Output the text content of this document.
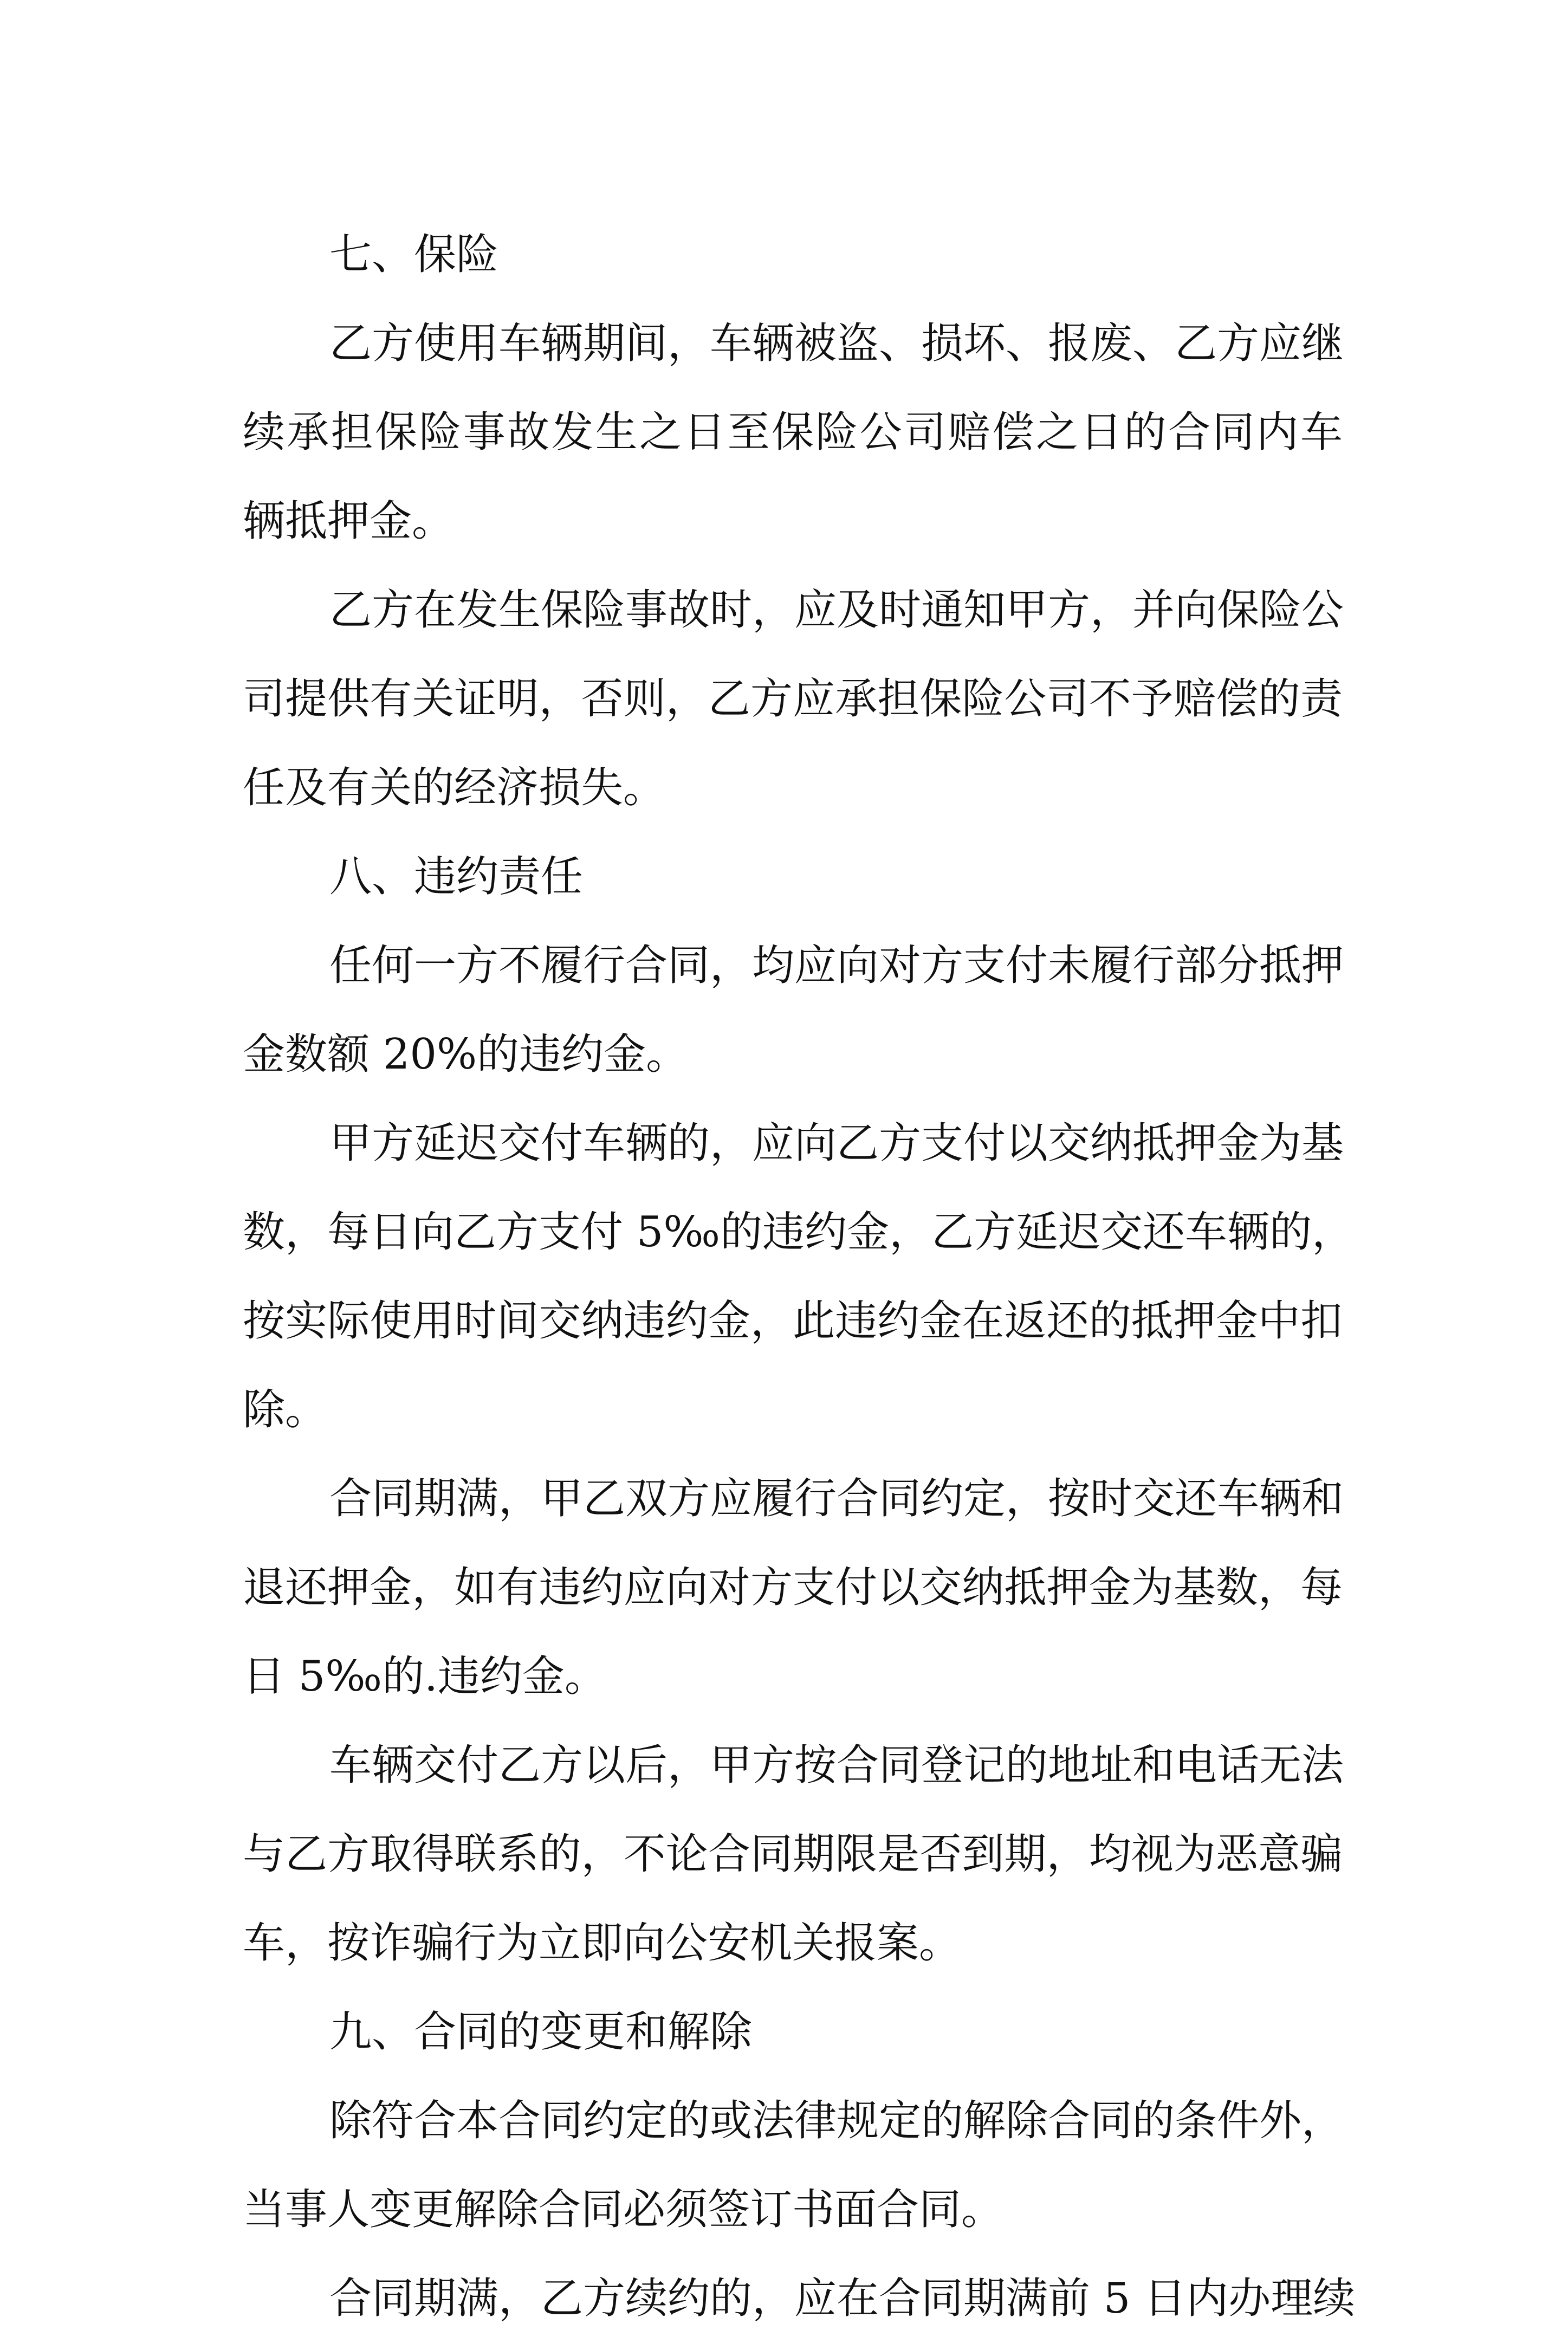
七、保险
乙方使用车辆期间，车辆被盗、损坏、报废、乙方应继
续承担保险事故发生之日至保险公司赔偿之日的合同内车
辆抵押金。
乙方在发生保险事故时，应及时通知甲方，并向保险公
司提供有关证明，否则，乙方应承担保险公司不予赔偿的责
任及有关的经济损失。
八、违约责任
任何一方不履行合同，均应向对方支付未履行部分抵押
金数额 20%的违约金。
甲方延迟交付车辆的，应向乙方支付以交纳抵押金为基
数，每日向乙方支付 5‰的违约金，乙方延迟交还车辆的，
按实际使用时间交纳违约金，此违约金在返还的抵押金中扣
除。
合同期满，甲乙双方应履行合同约定，按时交还车辆和
退还押金，如有违约应向对方支付以交纳抵押金为基数，每
日 5‰的.违约金。
车辆交付乙方以后，甲方按合同登记的地址和电话无法
与乙方取得联系的，不论合同期限是否到期，均视为恶意骗
车，按诈骗行为立即向公安机关报案。
九、合同的变更和解除
除符合本合同约定的或法律规定的解除合同的条件外，
当事人变更解除合同必须签订书面合同。
合同期满，乙方续约的，应在合同期满前 5 日内办理续
